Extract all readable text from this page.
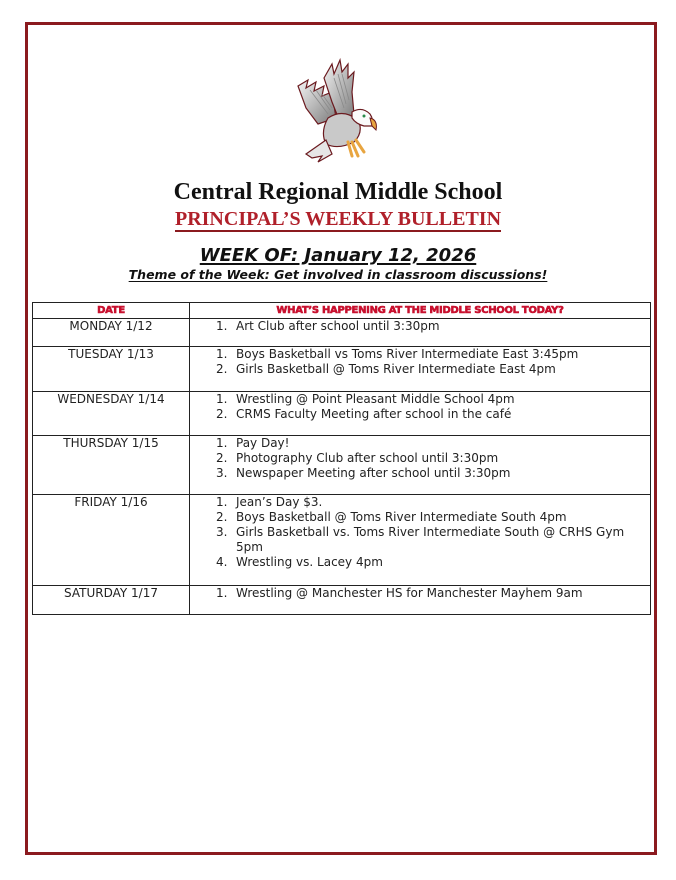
Central Regional Middle School
PRINCIPAL’S WEEKLY BULLETIN
WEEK OF: January 12, 2026
Theme of the Week: Get involved in classroom discussions!
DATE	WHAT’S HAPPENING AT THE MIDDLE SCHOOL TODAY?
MONDAY 1/12	1. Art Club after school until 3:30pm

TUESDAY 1/13	1. Boys Basketball vs Toms River Intermediate East 3:45pm
2. Girls Basketball @ Toms River Intermediate East 4pm

WEDNESDAY 1/14	1. Wrestling @ Point Pleasant Middle School 4pm
2. CRMS Faculty Meeting after school in the café

THURSDAY 1/15	1. Pay Day!
2. Photography Club after school until 3:30pm
3. Newspaper Meeting after school until 3:30pm

FRIDAY 1/16	1. Jean’s Day $3.
2. Boys Basketball @ Toms River Intermediate South 4pm
3. Girls Basketball vs. Toms River Intermediate South @ CRHS Gym 5pm
4. Wrestling vs. Lacey 4pm

SATURDAY 1/17	1. Wrestling @ Manchester HS for Manchester Mayhem 9am
